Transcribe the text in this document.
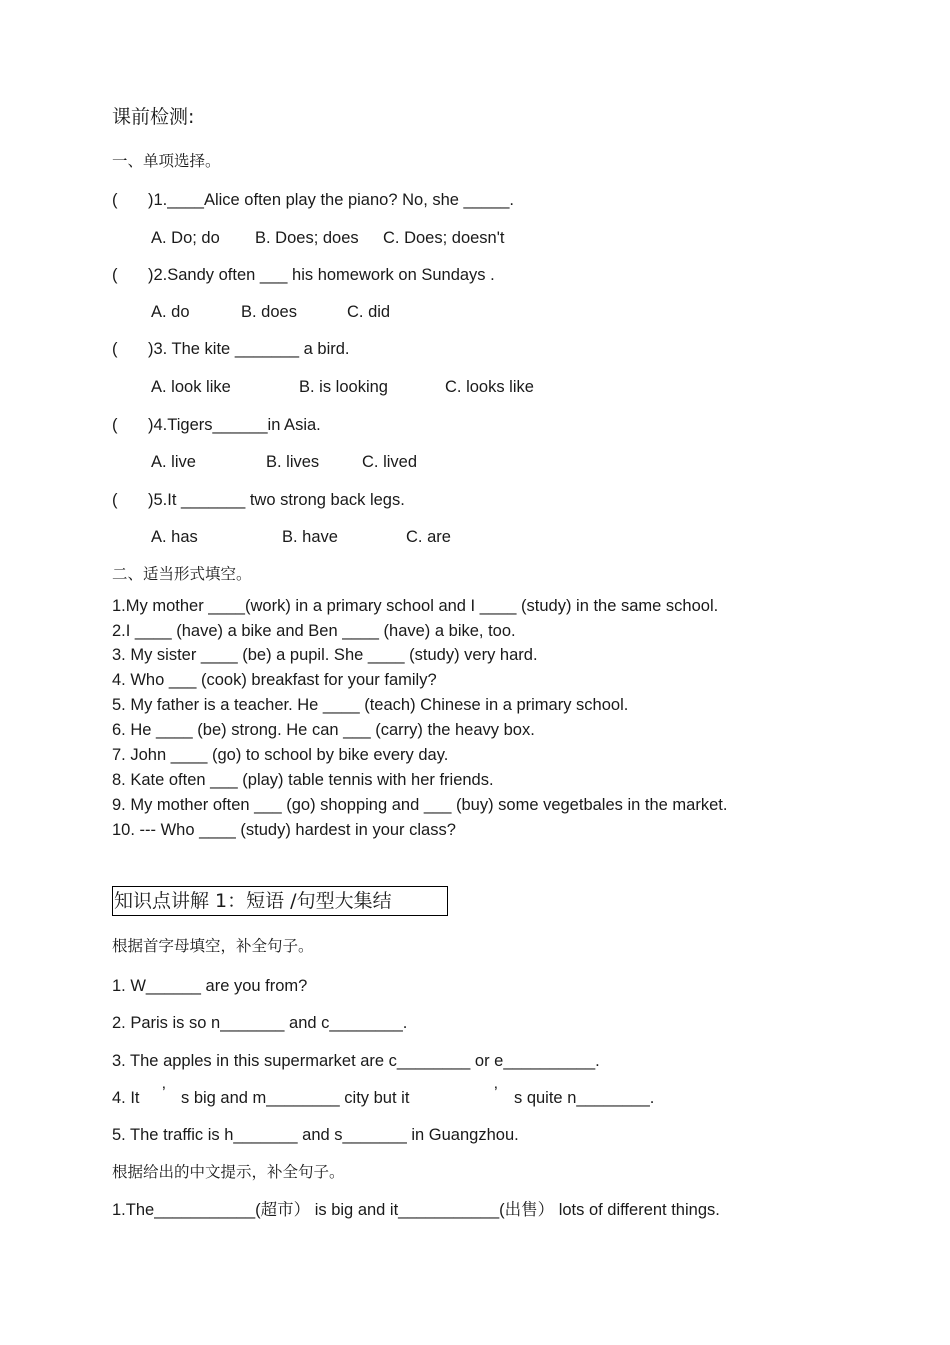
课前检测:
一、单项选择。
( )1.____Alice often play the piano? No, she _____.
A. Do; do B. Does; does C. Does; doesn't
( )2.Sandy often ___ his homework on Sundays .
A. do	B. does	C. did
( )3. The kite _______ a bird.
A. look like	B. is looking	C. looks like
( )4.Tigers______in Asia.
A. live	B. lives	C. lived
( )5.It _______ two strong back legs.
A. has	B. have	C. are
二、适当形式填空。
1.My mother ____(work) in a primary school and I ____ (study) in the same school.
2.I ____ (have) a bike and Ben ____ (have) a bike, too.
3. My sister ____ (be) a pupil. She ____ (study) very hard.
4. Who ___ (cook) breakfast for your family?
5. My father is a teacher. He ____ (teach) Chinese in a primary school.
6. He ____ (be) strong. He can ___ (carry) the heavy box.
7. John ____ (go) to school by bike every day.
8. Kate often ___ (play) table tennis with her friends.
9. My mother often ___ (go) shopping and ___ (buy) some vegetbales in the market.
10. --- Who ____ (study) hardest in your class?
知识点讲解 1：短语 /句型大集结
根据首字母填空，补全句子。
1. W______ are you from?
2. Paris is so n_______ and c________.
3. The apples in this supermarket are c________ or e__________.
4. It ’ s big and m________ city but it	’ s quite n________.
5. The traffic is h_______ and s_______ in Guangzhou.
根据给出的中文提示，补全句子。
1.The___________(超市） is big and it___________(出售） lots of different things.
